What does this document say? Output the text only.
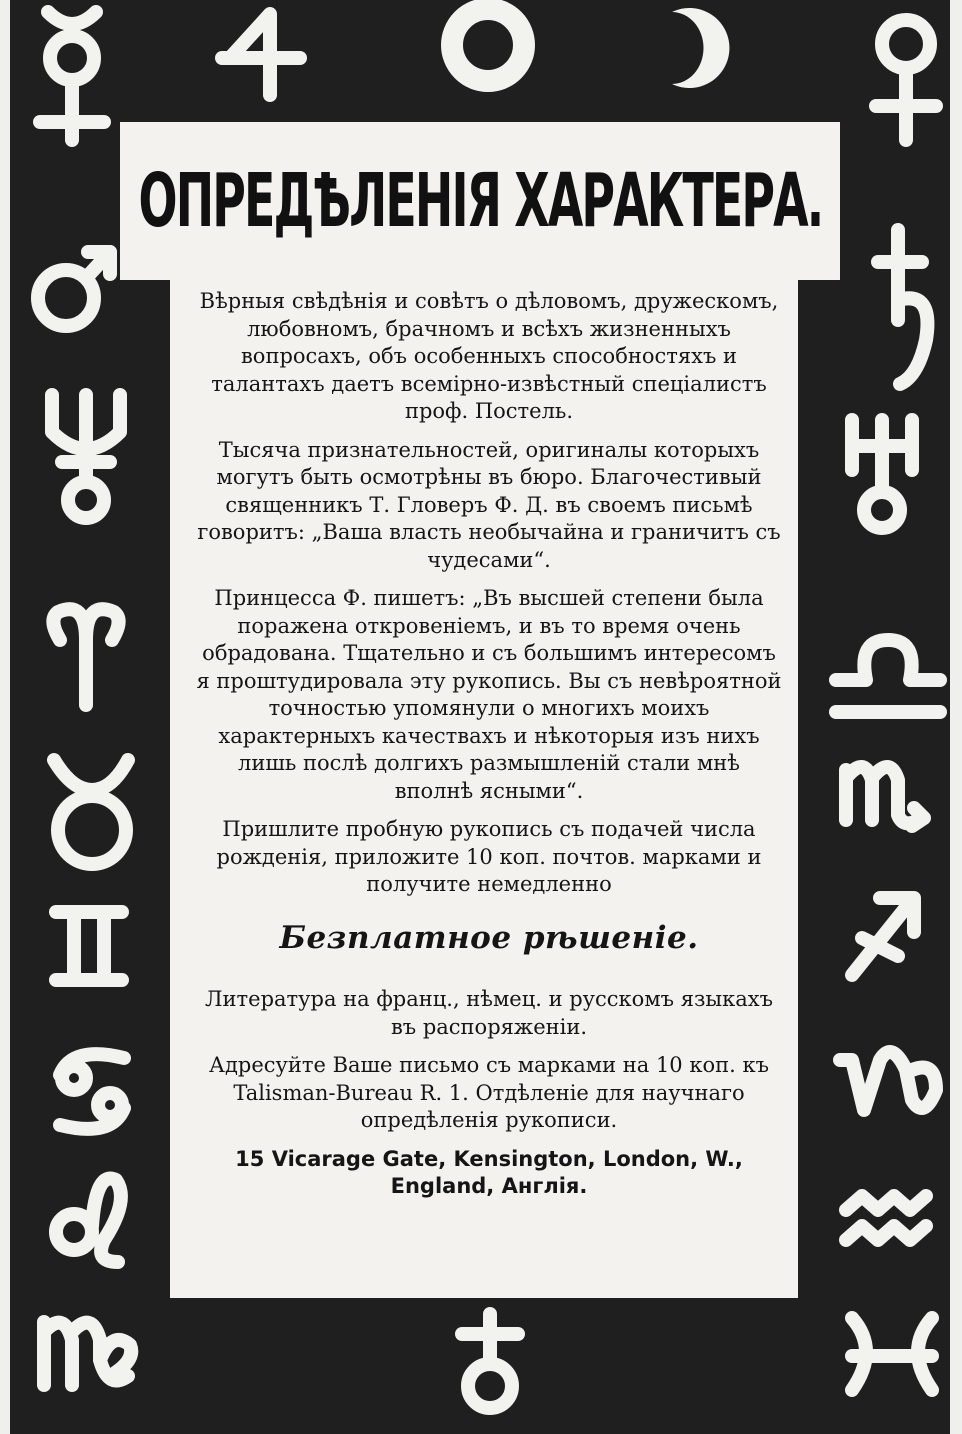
ОПРЕДѢЛЕНІЯ ХАРАКТЕРА.

Вѣрныя свѣдѣнія и совѣтъ о дѣловомъ, дружескомъ, любовномъ, брачномъ и всѣхъ жизненныхъ вопросахъ, объ особенныхъ способностяхъ и талантахъ даетъ всемірно-извѣстный спеціалистъ проф. Постель.

Тысяча признательностей, оригиналы которыхъ могутъ быть осмотрѣны въ бюро. Благочестивый священникъ Т. Гловеръ Ф. Д. въ своемъ письмѣ говоритъ: „Ваша власть необычайна и граничитъ съ чудесами“.

Принцесса Ф. пишетъ: „Въ высшей степени была поражена откровеніемъ, и въ то время очень обрадована. Тщательно и съ большимъ интересомъ я проштудировала эту рукопись. Вы съ невѣроятной точностью упомянули о многихъ моихъ характерныхъ качествахъ и нѣкоторыя изъ нихъ лишь послѣ долгихъ размышленій стали мнѣ вполнѣ ясными“.

Пришлите пробную рукопись съ подачей числа рожденія, приложите 10 коп. почтов. марками и получите немедленно

Безплатное рѣшеніе.

Литература на франц., нѣмец. и русскомъ языкахъ въ распоряженіи.

Адресуйте Ваше письмо съ марками на 10 коп. къ Talisman-Bureau R. 1. Отдѣленіе для научнаго опредѣленія рукописи.

15 Vicarage Gate, Kensington, London, W., England, Англія.
